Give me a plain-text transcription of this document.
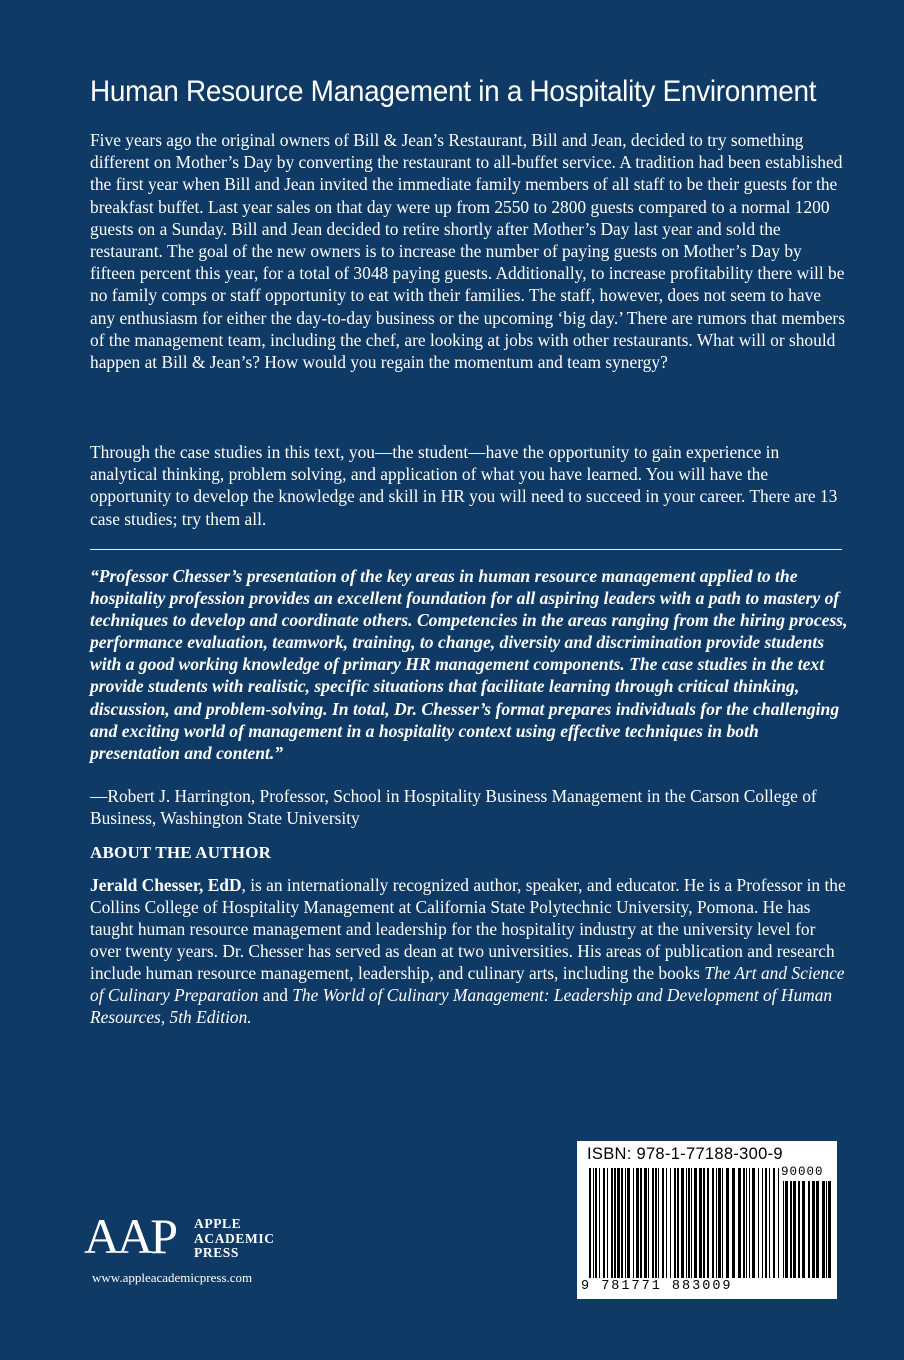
Human Resource Management in a Hospitality Environment
Five years ago the original owners of Bill & Jean’s Restaurant, Bill and Jean, decided to try something different on Mother’s Day by converting the restaurant to all-buffet service. A tradition had been established the first year when Bill and Jean invited the immediate family members of all staff to be their guests for the breakfast buffet. Last year sales on that day were up from 2550 to 2800 guests compared to a normal 1200 guests on a Sunday. Bill and Jean decided to retire shortly after Mother’s Day last year and sold the restaurant. The goal of the new owners is to increase the number of paying guests on Mother’s Day by fifteen percent this year, for a total of 3048 paying guests. Additionally, to increase profitability there will be no family comps or staff opportunity to eat with their families. The staff, however, does not seem to have any enthusiasm for either the day-to-day business or the upcoming ‘big day.’ There are rumors that members of the management team, including the chef, are looking at jobs with other restaurants. What will or should happen at Bill & Jean’s? How would you regain the momentum and team synergy?
Through the case studies in this text, you—the student—have the opportunity to gain experience in analytical thinking, problem solving, and application of what you have learned. You will have the opportunity to develop the knowledge and skill in HR you will need to succeed in your career. There are 13 case studies; try them all.
“Professor Chesser’s presentation of the key areas in human resource management applied to the hospitality profession provides an excellent foundation for all aspiring leaders with a path to mastery of techniques to develop and coordinate others. Competencies in the areas ranging from the hiring process, performance evaluation, teamwork, training, to change, diversity and discrimination provide students with a good working knowledge of primary HR management components. The case studies in the text provide students with realistic, specific situations that facilitate learning through critical thinking, discussion, and problem-solving. In total, Dr. Chesser’s format prepares individuals for the challenging and exciting world of management in a hospitality context using effective techniques in both presentation and content.”
—Robert J. Harrington, Professor, School in Hospitality Business Management in the Carson College of Business, Washington State University
ABOUT THE AUTHOR
Jerald Chesser, EdD, is an internationally recognized author, speaker, and educator. He is a Professor in the Collins College of Hospitality Management at California State Polytechnic University, Pomona. He has taught human resource management and leadership for the hospitality industry at the university level for over twenty years. Dr. Chesser has served as dean at two universities. His areas of publication and research include human resource management, leadership, and culinary arts, including the books The Art and Science of Culinary Preparation and The World of Culinary Management: Leadership and Development of Human Resources, 5th Edition.
AAP APPLE
ACADEMIC
PRESS
www.appleacademicpress.com
ISBN: 978-1-77188-300-9
90000
9 781771 883009
